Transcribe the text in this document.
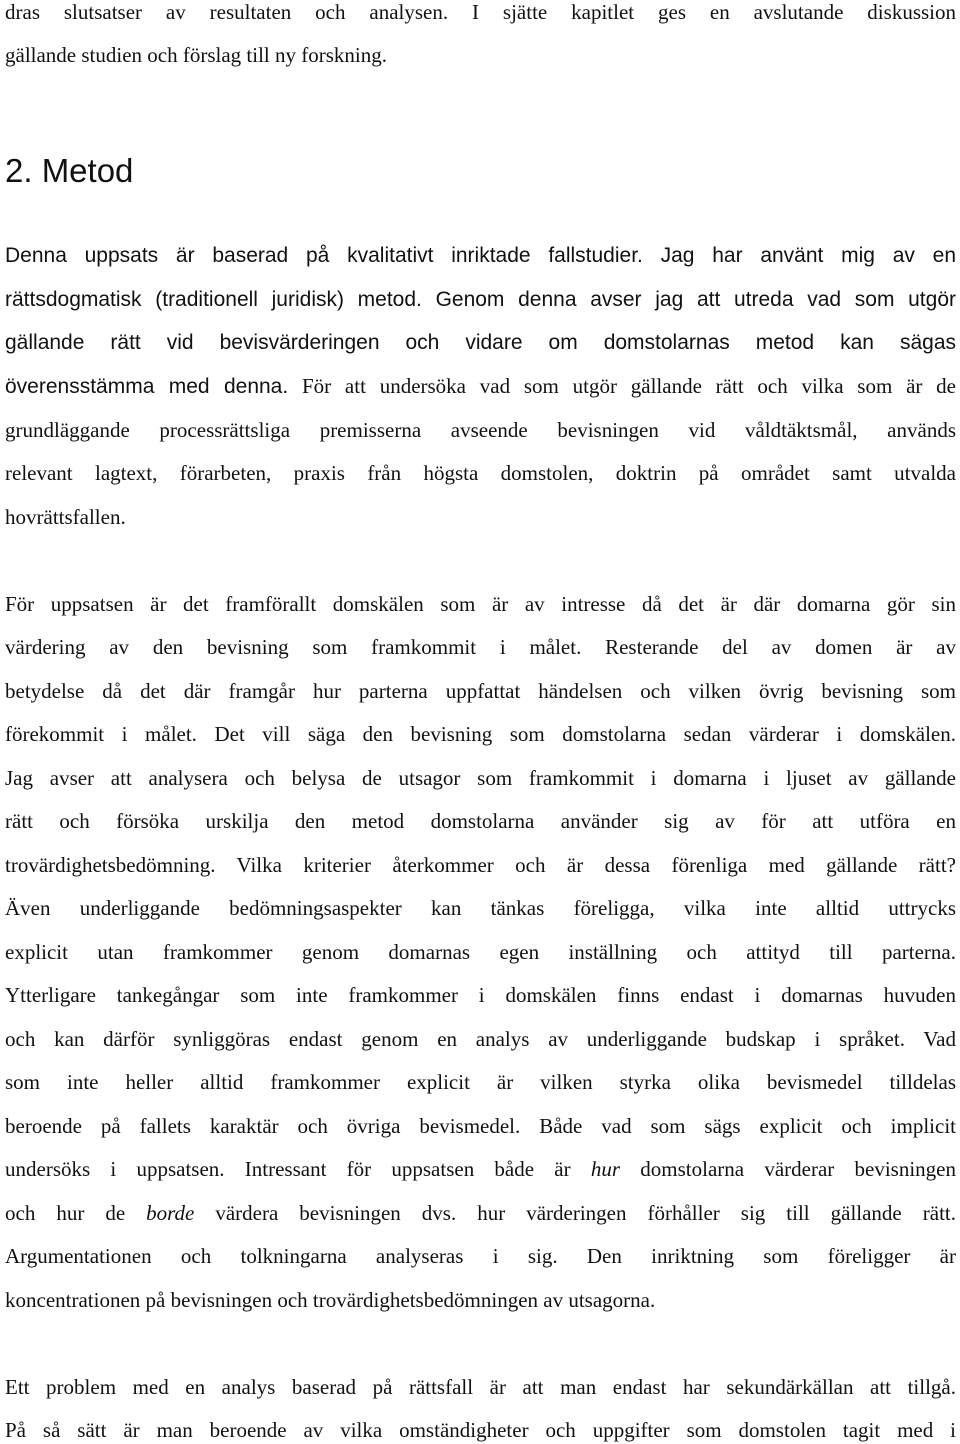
dras slutsatser av resultaten och analysen. I sjätte kapitlet ges en avslutande diskussion
gällande studien och förslag till ny forskning.
2. Metod
Denna uppsats är baserad på kvalitativt inriktade fallstudier. Jag har använt mig av en
rättsdogmatisk (traditionell juridisk) metod. Genom denna avser jag att utreda vad som utgör
gällande rätt vid bevisvärderingen och vidare om domstolarnas metod kan sägas
överensstämma med denna. För att undersöka vad som utgör gällande rätt och vilka som är de
grundläggande processrättsliga premisserna avseende bevisningen vid våldtäktsmål, används
relevant lagtext, förarbeten, praxis från högsta domstolen, doktrin på området samt utvalda
hovrättsfallen.
För uppsatsen är det framförallt domskälen som är av intresse då det är där domarna gör sin
värdering av den bevisning som framkommit i målet. Resterande del av domen är av
betydelse då det där framgår hur parterna uppfattat händelsen och vilken övrig bevisning som
förekommit i målet. Det vill säga den bevisning som domstolarna sedan värderar i domskälen.
Jag avser att analysera och belysa de utsagor som framkommit i domarna i ljuset av gällande
rätt och försöka urskilja den metod domstolarna använder sig av för att utföra en
trovärdighetsbedömning. Vilka kriterier återkommer och är dessa förenliga med gällande rätt?
Även underliggande bedömningsaspekter kan tänkas föreligga, vilka inte alltid uttrycks
explicit utan framkommer genom domarnas egen inställning och attityd till parterna.
Ytterligare tankegångar som inte framkommer i domskälen finns endast i domarnas huvuden
och kan därför synliggöras endast genom en analys av underliggande budskap i språket. Vad
som inte heller alltid framkommer explicit är vilken styrka olika bevismedel tilldelas
beroende på fallets karaktär och övriga bevismedel. Både vad som sägs explicit och implicit
undersöks i uppsatsen. Intressant för uppsatsen både är hur domstolarna värderar bevisningen
och hur de borde värdera bevisningen dvs. hur värderingen förhåller sig till gällande rätt.
Argumentationen och tolkningarna analyseras i sig. Den inriktning som föreligger är
koncentrationen på bevisningen och trovärdighetsbedömningen av utsagorna.
Ett problem med en analys baserad på rättsfall är att man endast har sekundärkällan att tillgå.
På så sätt är man beroende av vilka omständigheter och uppgifter som domstolen tagit med i
